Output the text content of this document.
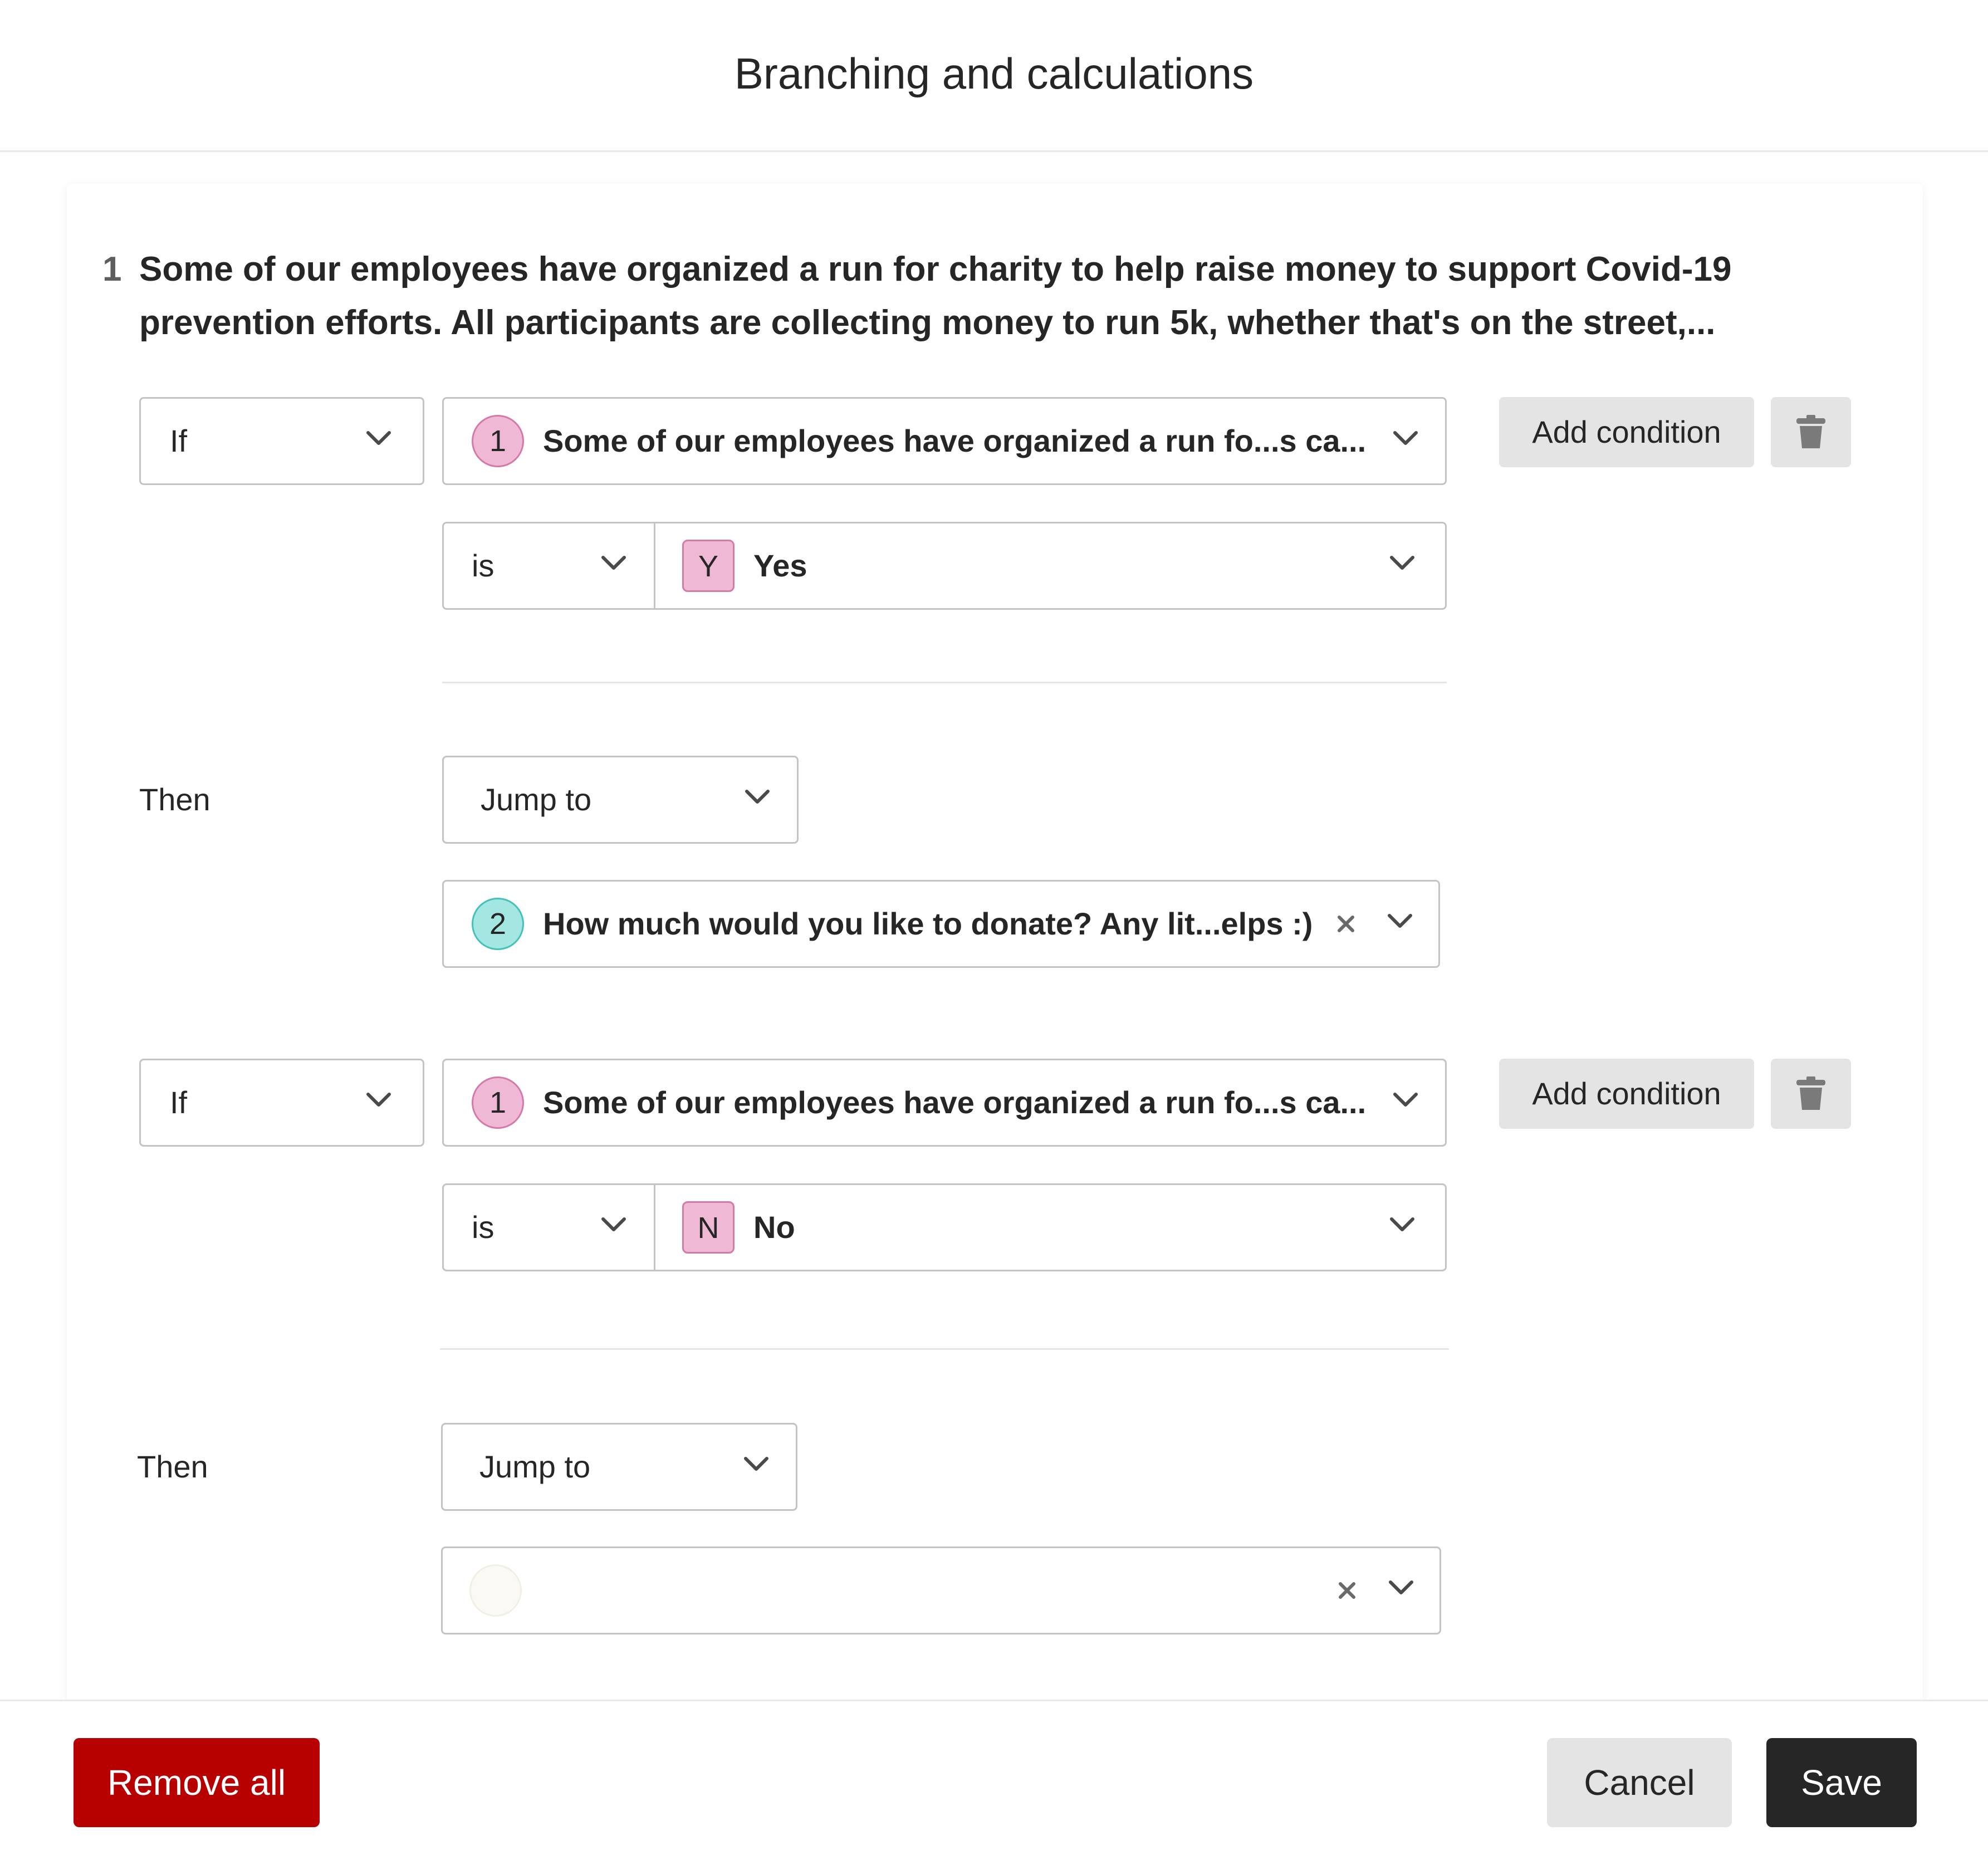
Branching and calculations
1 Some of our employees have organized a run for charity to help raise money to support Covid-19
prevention efforts. All participants are collecting money to run 5k, whether that's on the street,...
If	1	Some of our employees have organized a run fo...s ca...	Add condition
is	Y	Yes
Then	Jump to
2	How much would you like to donate? Any lit...elps :)
If	1	Some of our employees have organized a run fo...s ca...	Add condition
is	N	No
Then	Jump to
Remove all	Cancel	Save
